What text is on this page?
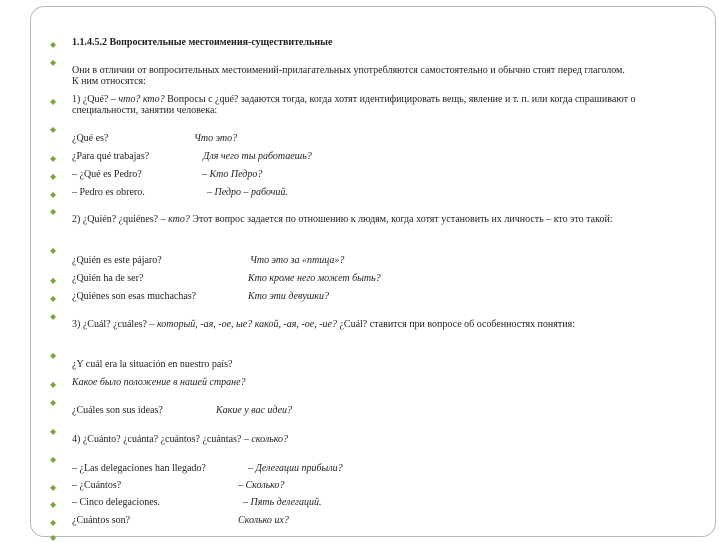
◆ 1.1.4.5.2 Вопросительные местоимения-существительные
◆
Они в отличии от вопросительных местоимений-прилагательных употребляются самостоятельно и обычно стоят перед глаголом. К ним относятся:
◆ 1) ¿Qué? – что? кто? Вопросы с ¿qué? задаются тогда, когда хотят идентифицировать вещь, явление и т. п. или когда спрашивают о специальности, занятии человека:
◆
¿Qué es?	Что это?
◆ ¿Para qué trabajas?	Для чего ты работаешь?
◆ – ¿Qué es Pedro?	– Кто Педро?
◆ – Pedro es obrero.	– Педро – рабочий.
◆
2) ¿Quién? ¿quiénes? – кто? Этот вопрос задается по отношению к людям, когда хотят установить их личность – кто это такой:
◆
¿Quién es este pájaro?	Что это за «птица»?
◆ ¿Quién ha de ser?	Кто кроме него может быть?
◆ ¿Quiénes son esas muchachas?	Кто эти девушки?
◆
3) ¿Cuál? ¿cuáles? – который, -ая, -ое, ые? какой, -ая, -ое, -ие? ¿Cuál? ставится при вопросе об особенностях понятия:
◆
¿Y cuál era la situación en nuestro país?
◆ Какое было положение в нашей стране?
◆
¿Cuáles son sus ideas?	Какие у вас идеи?
◆
4) ¿Cuánto? ¿cuánta? ¿cuántos? ¿cuántas? – сколько?
◆
– ¿Las delegaciones han llegado?	– Делегации прибыли?
◆ – ¿Cuántos?	– Сколько?
◆ – Cinco delegaciones.	– Пять делегаций.
◆ ¿Cuántos son?	Сколько их?
◆
